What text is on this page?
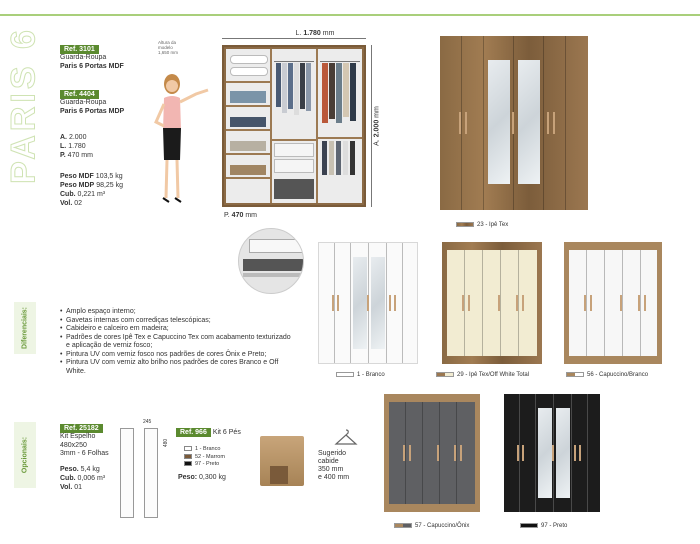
PARIS 6	Ref. 3101
Guarda-Roupa
Paris 6 Portas MDF
Ref. 4404
Guarda-Roupa
Paris 6 Portas MDP
A. 2.000
L. 1.780
P. 470 mm
Peso MDF 103,5 kg
Peso MDP 98,25 kg
Cub. 0,221 m³
Vol. 02
Altura da
modelo
1,650 mm
L. 1.780 mm
A. 2.000 mm
P. 470 mm
23 - Ipê Tex
1 - Branco	29 - Ipê Tex/Off White Total	56 - Capuccino/Branco
Diferenciais:
•	Amplo espaço interno;
• Gavetas internas com corrediças telescópicas;
• Cabideiro e calceiro em madeira;
• Padrões de cores Ipê Tex e Capuccino Tex com acabamento texturizado e aplicação de verniz fosco;
• Pintura UV com verniz fosco nos padrões de cores Ônix e Preto;
• Pintura UV com verniz alto brilho nos padrões de cores Branco e Off White.
Opcionais:
Ref. 25182
Kit Espelho
480x250
3mm - 6 Folhas
Peso. 5,4 kg
Cub. 0,006 m³
Vol. 01
245
480
Ref. 966 Kit 6 Pés
1 - Branco
52 - Marrom
97 - Preto
Peso: 0,300 kg
Sugerido
cabide
350 mm
e 400 mm
57 - Capuccino/Ônix	97 - Preto
